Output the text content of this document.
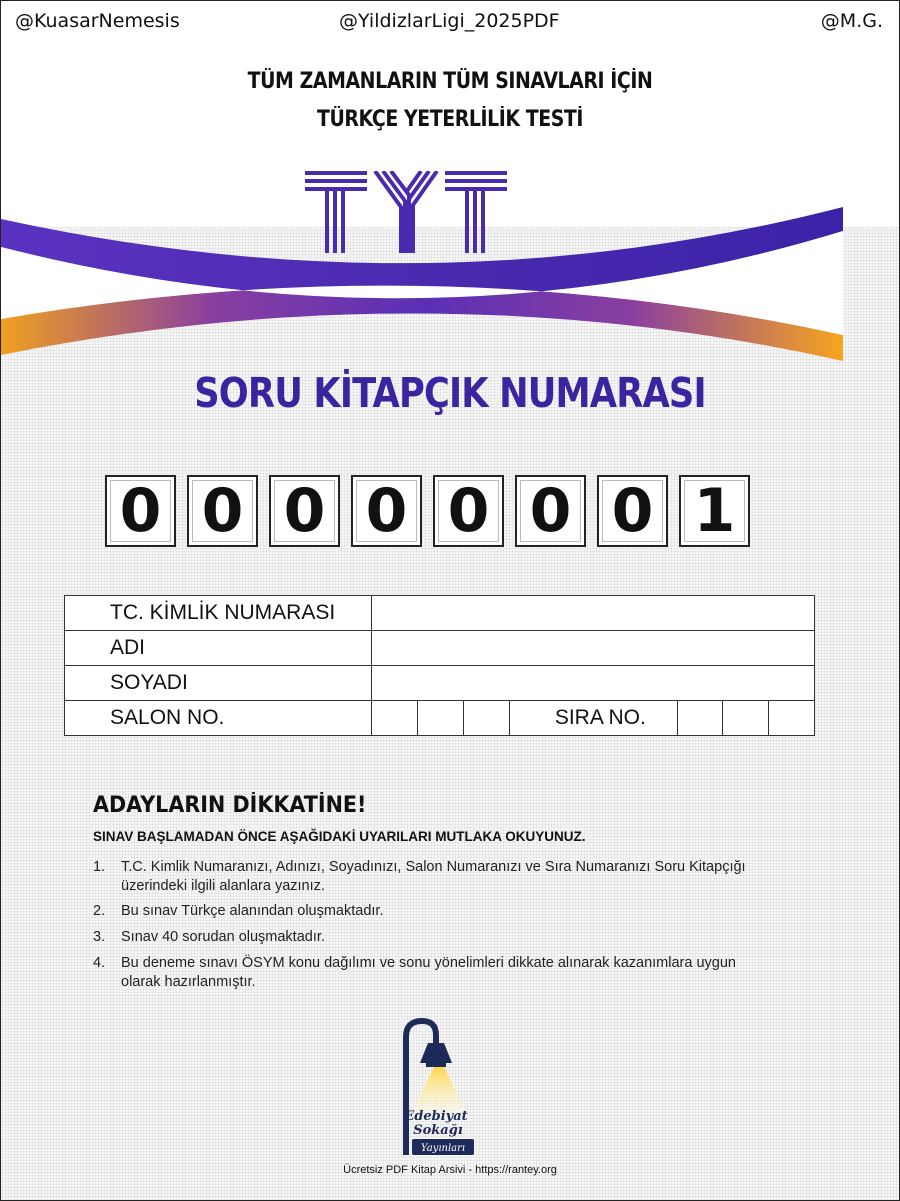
@KuasarNemesis	@YildizlarLigi_2025PDF	@M.G.
TÜM ZAMANLARIN TÜM SINAVLARI İÇİN
TÜRKÇE YETERLİLİK TESTİ
SORU KİTAPÇIK NUMARASI
0 0 0 0 0 0 0 1
TC. KİMLİK NUMARASI							
ADI							
SOYADI							
SALON NO.				SIRA NO.			
ADAYLARIN DİKKATİNE!
SINAV BAŞLAMADAN ÖNCE AŞAĞIDAKİ UYARILARI MUTLAKA OKUYUNUZ.
1.	T.C. Kimlik Numaranızı, Adınızı, Soyadınızı, Salon Numaranızı ve Sıra Numaranızı Soru Kitapçığı üzerindeki ilgili alanlara yazınız.
2.	Bu sınav Türkçe alanından oluşmaktadır.
3.	Sınav 40 sorudan oluşmaktadır.
4.	Bu deneme sınavı ÖSYM konu dağılımı ve sonu yönelimleri dikkate alınarak kazanımlara uygun olarak hazırlanmıştır.
Edebiyat
Sokağı
Yayınları
Ücretsiz PDF Kitap Arsivi - https://rantey.org
